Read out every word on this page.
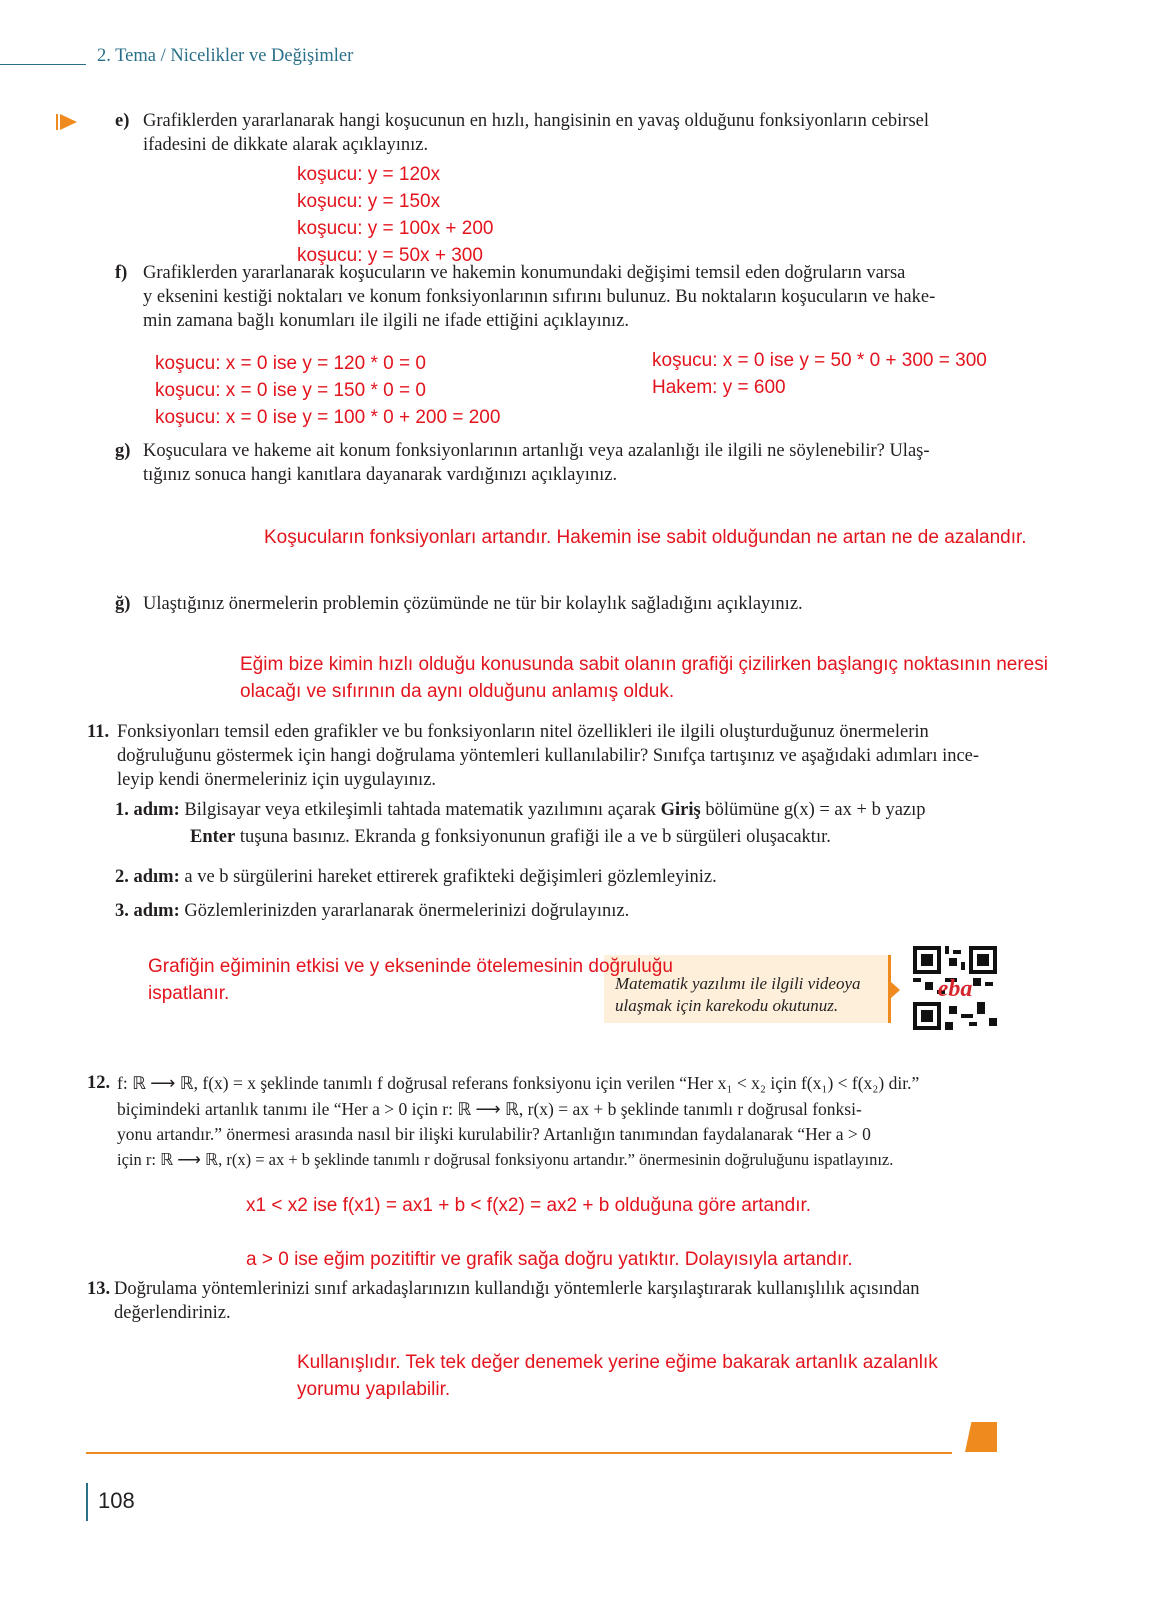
2. Tema / Nicelikler ve Değişimler
e) Grafiklerden yararlanarak hangi koşucunun en hızlı, hangisinin en yavaş olduğunu fonksiyonların cebirsel
ifadesini de dikkate alarak açıklayınız.
koşucu: y = 120x
koşucu: y = 150x
koşucu: y = 100x + 200
koşucu: y = 50x + 300
f) Grafiklerden yararlanarak koşucuların ve hakemin konumundaki değişimi temsil eden doğruların varsa
y eksenini kestiği noktaları ve konum fonksiyonlarının sıfırını bulunuz. Bu noktaların koşucuların ve hake-
min zamana bağlı konumları ile ilgili ne ifade ettiğini açıklayınız.
koşucu: x = 0 ise y = 120 * 0 = 0
koşucu: x = 0 ise y = 150 * 0 = 0
koşucu: x = 0 ise y = 100 * 0 + 200 = 200
koşucu: x = 0 ise y = 50 * 0 + 300 = 300
Hakem: y = 600
g) Koşuculara ve hakeme ait konum fonksiyonlarının artanlığı veya azalanlığı ile ilgili ne söylenebilir? Ulaş-
tığınız sonuca hangi kanıtlara dayanarak vardığınızı açıklayınız.
Koşucuların fonksiyonları artandır. Hakemin ise sabit olduğundan ne artan ne de azalandır.
ğ) Ulaştığınız önermelerin problemin çözümünde ne tür bir kolaylık sağladığını açıklayınız.
Eğim bize kimin hızlı olduğu konusunda sabit olanın grafiği çizilirken başlangıç noktasının neresi
olacağı ve sıfırının da aynı olduğunu anlamış olduk.
11. Fonksiyonları temsil eden grafikler ve bu fonksiyonların nitel özellikleri ile ilgili oluşturduğunuz önermelerin
doğruluğunu göstermek için hangi doğrulama yöntemleri kullanılabilir? Sınıfça tartışınız ve aşağıdaki adımları ince-
leyip kendi önermeleriniz için uygulayınız.
1. adım: Bilgisayar veya etkileşimli tahtada matematik yazılımını açarak Giriş bölümüne g(x) = ax + b yazıp
Enter tuşuna basınız. Ekranda g fonksiyonunun grafiği ile a ve b sürgüleri oluşacaktır.
2. adım: a ve b sürgülerini hareket ettirerek grafikteki değişimleri gözlemleyiniz.
3. adım: Gözlemlerinizden yararlanarak önermelerinizi doğrulayınız.
Matematik yazılımı ile ilgili videoya
ulaşmak için karekodu okutunuz.
Grafiğin eğiminin etkisi ve y ekseninde ötelemesinin doğruluğu
ispatlanır.	eba
12. f: ℝ ⟶ ℝ, f(x) = x şeklinde tanımlı f doğrusal referans fonksiyonu için verilen “Her x₁ < x₂ için f(x₁) < f(x₂) dir.”
biçimindeki artanlık tanımı ile “Her a > 0 için r: ℝ ⟶ ℝ, r(x) = ax + b şeklinde tanımlı r doğrusal fonksi-
yonu artandır.” önermesi arasında nasıl bir ilişki kurulabilir? Artanlığın tanımından faydalanarak “Her a > 0
için r: ℝ ⟶ ℝ, r(x) = ax + b şeklinde tanımlı r doğrusal fonksiyonu artandır.” önermesinin doğruluğunu ispatlayınız.
x1 < x2 ise f(x1) = ax1 + b < f(x2) = ax2 + b olduğuna göre artandır.
a > 0 ise eğim pozitiftir ve grafik sağa doğru yatıktır. Dolayısıyla artandır.
13. Doğrulama yöntemlerinizi sınıf arkadaşlarınızın kullandığı yöntemlerle karşılaştırarak kullanışlılık açısından
değerlendiriniz.
Kullanışlıdır. Tek tek değer denemek yerine eğime bakarak artanlık azalanlık
yorumu yapılabilir.
108
